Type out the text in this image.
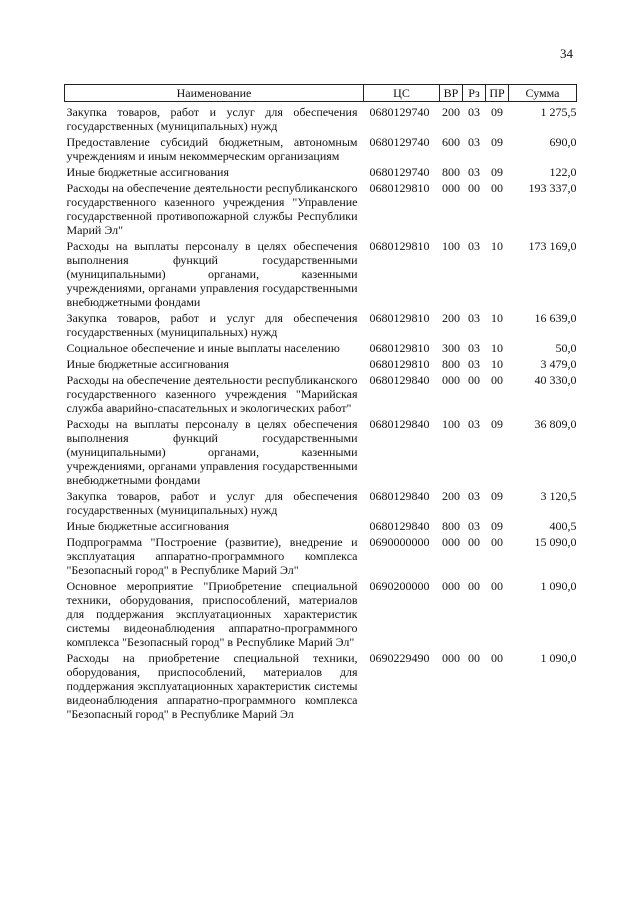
34
Наименование	ЦС	ВР	Рз	ПР	Сумма
Закупка товаров, работ и услуг для обеспечения государственных (муниципальных) нужд	0680129740	200	03	09	1 275,5
Предоставление субсидий бюджетным, автономным учреждениям и иным некоммерческим организациям	0680129740	600	03	09	690,0
Иные бюджетные ассигнования	0680129740	800	03	09	122,0
Расходы на обеспечение деятельности республиканского государственного казенного учреждения "Управление государственной противопожарной службы Республики Марий Эл"	0680129810	000	00	00	193 337,0
Расходы на выплаты персоналу в целях обеспечения выполнения функций государственными (муниципальными) органами, казенными учреждениями, органами управления государственными внебюджетными фондами	0680129810	100	03	10	173 169,0
Закупка товаров, работ и услуг для обеспечения государственных (муниципальных) нужд	0680129810	200	03	10	16 639,0
Социальное обеспечение и иные выплаты населению	0680129810	300	03	10	50,0
Иные бюджетные ассигнования	0680129810	800	03	10	3 479,0
Расходы на обеспечение деятельности республиканского государственного казенного учреждения "Марийская служба аварийно-спасательных и экологических работ"	0680129840	000	00	00	40 330,0
Расходы на выплаты персоналу в целях обеспечения выполнения функций государственными (муниципальными) органами, казенными учреждениями, органами управления государственными внебюджетными фондами	0680129840	100	03	09	36 809,0
Закупка товаров, работ и услуг для обеспечения государственных (муниципальных) нужд	0680129840	200	03	09	3 120,5
Иные бюджетные ассигнования	0680129840	800	03	09	400,5
Подпрограмма "Построение (развитие), внедрение и эксплуатация аппаратно-программного комплекса "Безопасный город" в Республике Марий Эл"	0690000000	000	00	00	15 090,0
Основное мероприятие "Приобретение специальной техники, оборудования, приспособлений, материалов для поддержания эксплуатационных характеристик системы видеонаблюдения аппаратно-программного комплекса "Безопасный город" в Республике Марий Эл"	0690200000	000	00	00	1 090,0
Расходы на приобретение специальной техники, оборудования, приспособлений, материалов для поддержания эксплуатационных характеристик системы видеонаблюдения аппаратно-программного комплекса "Безопасный город" в Республике Марий Эл	0690229490	000	00	00	1 090,0
